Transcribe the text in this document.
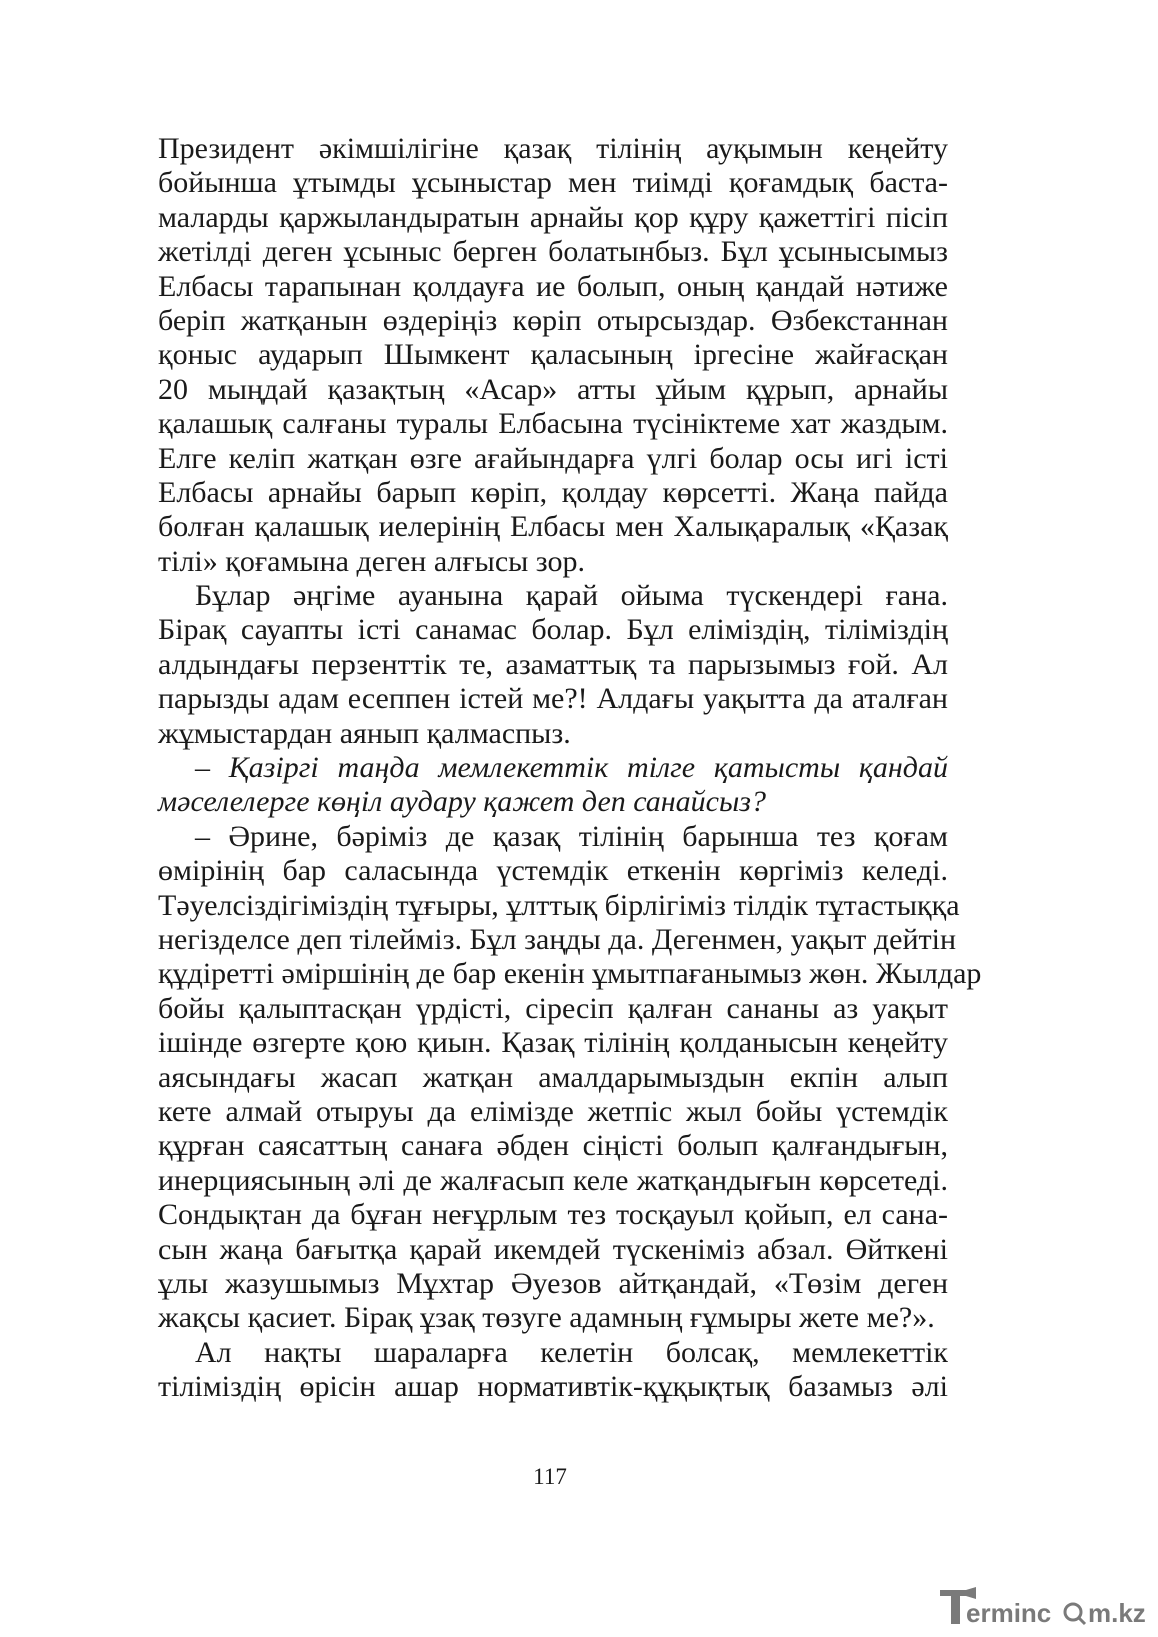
Президент әкімшілігіне қазақ тілінің ауқымын кеңейту
бойынша ұтымды ұсыныстар мен тиімді қоғамдық баста-
маларды қаржыландыратын арнайы қор құру қажеттігі пісіп
жетілді деген ұсыныс берген болатынбыз. Бұл ұсынысымыз
Елбасы тарапынан қолдауға ие болып, оның қандай нәтиже
беріп жатқанын өздеріңіз көріп отырсыздар. Өзбекстаннан
қоныс аударып Шымкент қаласының іргесіне жайғасқан
20 мыңдай қазақтың «Асар» атты ұйым құрып, арнайы
қалашық салғаны туралы Елбасына түсініктеме хат жаздым.
Елге келіп жатқан өзге ағайындарға үлгі болар осы игі істі
Елбасы арнайы барып көріп, қолдау көрсетті. Жаңа пайда
болған қалашық иелерінің Елбасы мен Халықаралық «Қазақ
тілі» қоғамына деген алғысы зор.
Бұлар әңгіме ауанына қарай ойыма түскендері ғана.
Бірақ сауапты істі санамас болар. Бұл еліміздің, тіліміздің
алдындағы перзенттік те, азаматтық та парызымыз ғой. Ал
парызды адам есеппен істей ме?! Алдағы уақытта да аталған
жұмыстардан аянып қалмаспыз.
– Қазіргі таңда мемлекеттік тілге қатысты қандай
мәселелерге көңіл аудару қажет деп санайсыз?
– Әрине, бәріміз де қазақ тілінің барынша тез қоғам
өмірінің бар саласында үстемдік еткенін көргіміз келеді.
Тәуелсіздігіміздің тұғыры, ұлттық бірлігіміз тілдік тұтастыққа
негізделсе деп тілейміз. Бұл заңды да. Дегенмен, уақыт дейтін
құдіретті әміршінің де бар екенін ұмытпағанымыз жөн. Жылдар
бойы қалыптасқан үрдісті, сіресіп қалған сананы аз уақыт
ішінде өзгерте қою қиын. Қазақ тілінің қолданысын кеңейту
аясындағы жасап жатқан амалдарымыздын екпін алып
кете алмай отыруы да елімізде жетпіс жыл бойы үстемдік
құрған саясаттың санаға әбден сіңісті болып қалғандығын,
инерциясының әлі де жалғасып келе жатқандығын көрсетеді.
Сондықтан да бұған неғұрлым тез тосқауыл қойып, ел сана-
сын жаңа бағытқа қарай икемдей түскеніміз абзал. Өйткені
ұлы жазушымыз Мұхтар Әуезов айтқандай, «Төзім деген
жақсы қасиет. Бірақ ұзақ төзуге адамның ғұмыры жете ме?».
Ал нақты шараларға келетін болсақ, мемлекеттік
тіліміздің өрісін ашар нормативтік-құқықтық базамыз әлі
117
erminc m.kz
